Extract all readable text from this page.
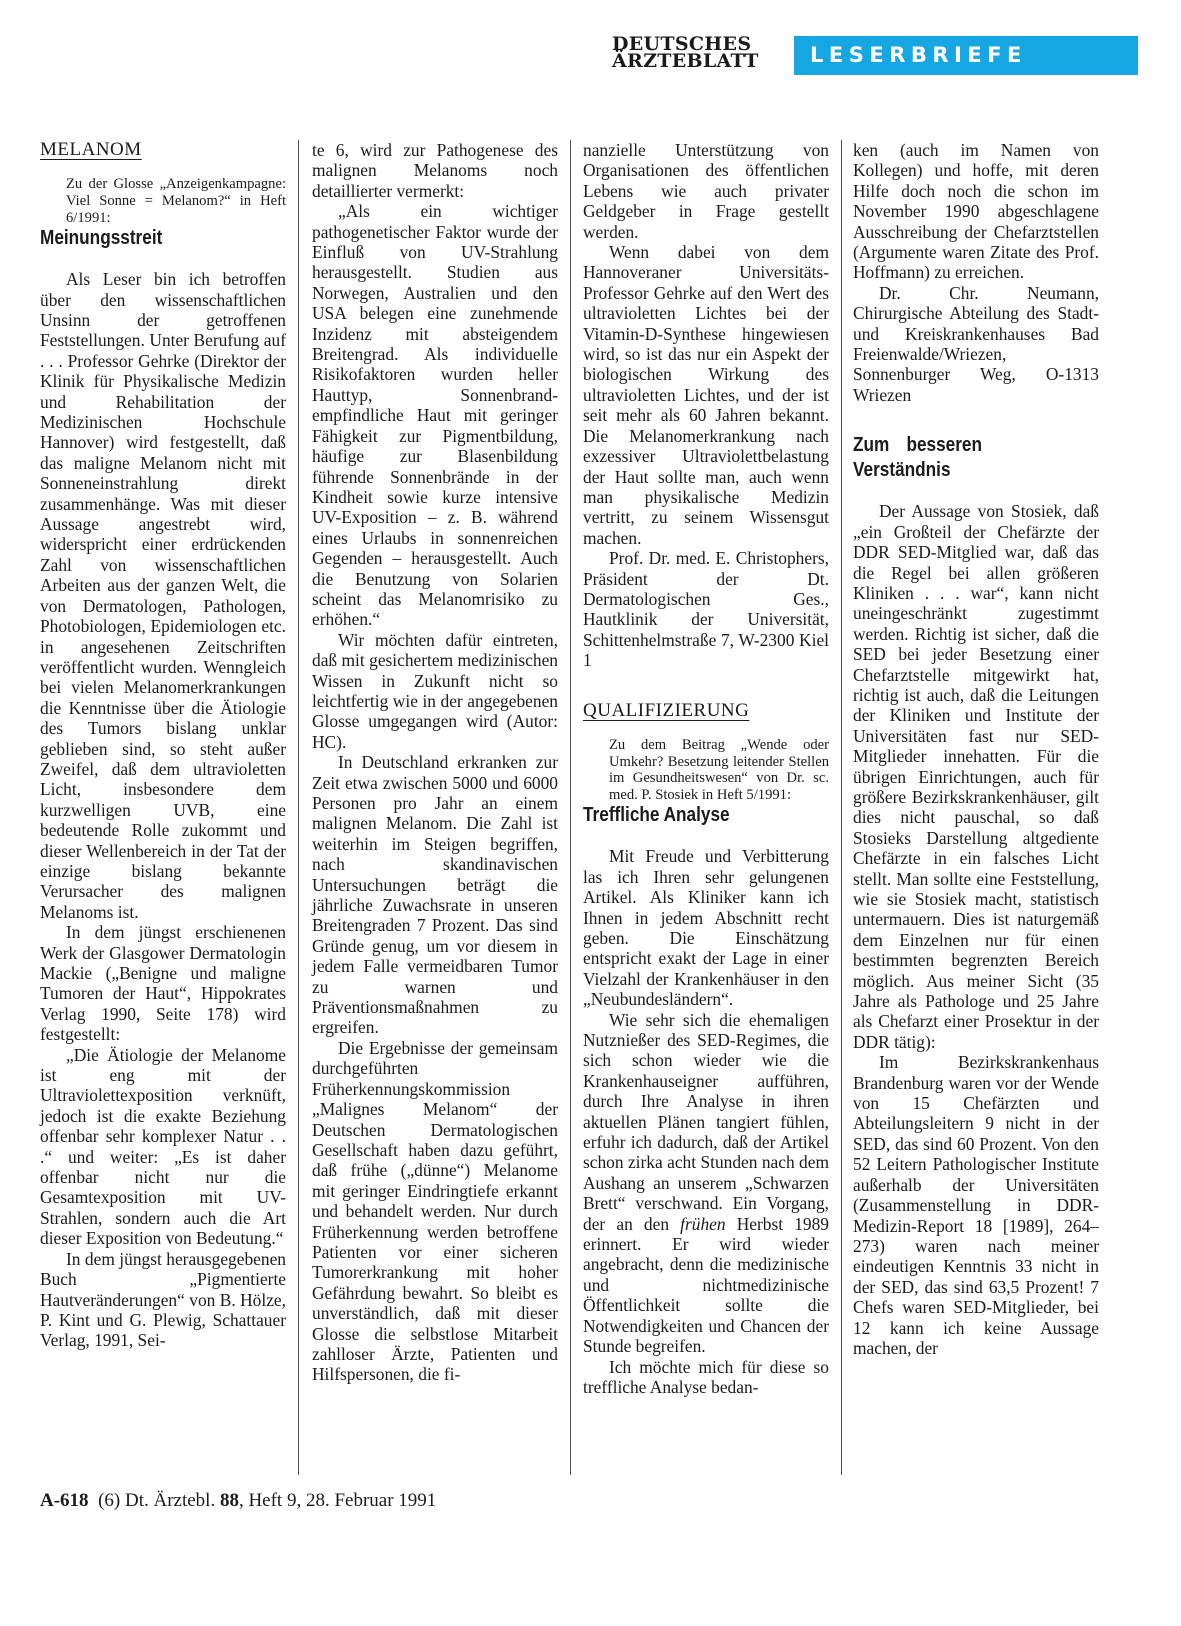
DEUTSCHES
ÄRZTEBLATT	LESERBRIEFE
MELANOM

Zu der Glosse „Anzeigenkampagne: Viel Sonne = Melanom?“ in Heft 6/1991:

Meinungsstreit

Als Leser bin ich betroffen über den wissenschaftlichen Unsinn der getroffenen Feststellungen. Unter Berufung auf . . . Professor Gehrke (Direktor der Klinik für Physikalische Medizin und Rehabilitation der Medizinischen Hochschule Hannover) wird festgestellt, daß das maligne Melanom nicht mit Sonneneinstrahlung direkt zusammenhänge. Was mit dieser Aussage angestrebt wird, widerspricht einer erdrückenden Zahl von wissenschaftlichen Arbeiten aus der ganzen Welt, die von Dermatologen, Pathologen, Photobiologen, Epidemiologen etc. in angesehenen Zeitschriften veröffentlicht wurden. Wenngleich bei vielen Melanomerkrankungen die Kenntnisse über die Ätiologie des Tumors bislang unklar geblieben sind, so steht außer Zweifel, daß dem ultravioletten Licht, insbesondere dem kurzwelligen UVB, eine bedeutende Rolle zukommt und dieser Wellenbereich in der Tat der einzige bislang bekannte Verursacher des malignen Melanoms ist.

In dem jüngst erschienenen Werk der Glasgower Dermatologin Mackie („Benigne und maligne Tumoren der Haut“, Hippokrates Verlag 1990, Seite 178) wird festgestellt:

„Die Ätiologie der Melanome ist eng mit der Ultraviolettexposition verknüft, jedoch ist die exakte Beziehung offenbar sehr komplexer Natur . . .“ und weiter: „Es ist daher offenbar nicht nur die Gesamtexposition mit UV-Strahlen, sondern auch die Art dieser Exposition von Bedeutung.“

In dem jüngst herausgegebenen Buch „Pigmentierte Hautveränderungen“ von B. Hölze, P. Kint und G. Plewig, Schattauer Verlag, 1991, Sei-

te 6, wird zur Pathogenese des malignen Melanoms noch detaillierter vermerkt:

„Als ein wichtiger pathogenetischer Faktor wurde der Einfluß von UV-Strahlung herausgestellt. Studien aus Norwegen, Australien und den USA belegen eine zunehmende Inzidenz mit absteigendem Breitengrad. Als individuelle Risikofaktoren wurden heller Hauttyp, Sonnenbrand-empfindliche Haut mit geringer Fähigkeit zur Pigmentbildung, häufige zur Blasenbildung führende Sonnenbrände in der Kindheit sowie kurze intensive UV-Exposition – z. B. während eines Urlaubs in sonnenreichen Gegenden – herausgestellt. Auch die Benutzung von Solarien scheint das Melanomrisiko zu erhöhen.“

Wir möchten dafür eintreten, daß mit gesichertem medizinischen Wissen in Zukunft nicht so leichtfertig wie in der angegebenen Glosse umgegangen wird (Autor: HC).

In Deutschland erkranken zur Zeit etwa zwischen 5000 und 6000 Personen pro Jahr an einem malignen Melanom. Die Zahl ist weiterhin im Steigen begriffen, nach skandinavischen Untersuchungen beträgt die jährliche Zuwachsrate in unseren Breitengraden 7 Prozent. Das sind Gründe genug, um vor diesem in jedem Falle vermeidbaren Tumor zu warnen und Präventionsmaßnahmen zu ergreifen.

Die Ergebnisse der gemeinsam durchgeführten Früherkennungskommission „Malignes Melanom“ der Deutschen Dermatologischen Gesellschaft haben dazu geführt, daß frühe („dünne“) Melanome mit geringer Eindringtiefe erkannt und behandelt werden. Nur durch Früherkennung werden betroffene Patienten vor einer sicheren Tumorerkrankung mit hoher Gefährdung bewahrt. So bleibt es unverständlich, daß mit dieser Glosse die selbstlose Mitarbeit zahlloser Ärzte, Patienten und Hilfspersonen, die fi-

nanzielle Unterstützung von Organisationen des öffentlichen Lebens wie auch privater Geldgeber in Frage gestellt werden.

Wenn dabei von dem Hannoveraner Universitäts-Professor Gehrke auf den Wert des ultravioletten Lichtes bei der Vitamin-D-Synthese hingewiesen wird, so ist das nur ein Aspekt der biologischen Wirkung des ultravioletten Lichtes, und der ist seit mehr als 60 Jahren bekannt. Die Melanomerkrankung nach exzessiver Ultraviolettbelastung der Haut sollte man, auch wenn man physikalische Medizin vertritt, zu seinem Wissensgut machen.

Prof. Dr. med. E. Christophers, Präsident der Dt. Dermatologischen Ges., Hautklinik der Universität, Schittenhelmstraße 7, W-2300 Kiel 1

QUALIFIZIERUNG

Zu dem Beitrag „Wende oder Umkehr? Besetzung leitender Stellen im Gesundheitswesen“ von Dr. sc. med. P. Stosiek in Heft 5/1991:

Treffliche Analyse

Mit Freude und Verbitterung las ich Ihren sehr gelungenen Artikel. Als Kliniker kann ich Ihnen in jedem Abschnitt recht geben. Die Einschätzung entspricht exakt der Lage in einer Vielzahl der Krankenhäuser in den „Neubundesländern“.

Wie sehr sich die ehemaligen Nutznießer des SED-Regimes, die sich schon wieder wie die Krankenhauseigner aufführen, durch Ihre Analyse in ihren aktuellen Plänen tangiert fühlen, erfuhr ich dadurch, daß der Artikel schon zirka acht Stunden nach dem Aushang an unserem „Schwarzen Brett“ verschwand. Ein Vorgang, der an den frühen Herbst 1989 erinnert. Er wird wieder angebracht, denn die medizinische und nichtmedizinische Öffentlichkeit sollte die Notwendigkeiten und Chancen der Stunde begreifen.

Ich möchte mich für diese so treffliche Analyse bedan-

ken (auch im Namen von Kollegen) und hoffe, mit deren Hilfe doch noch die schon im November 1990 abgeschlagene Ausschreibung der Chefarztstellen (Argumente waren Zitate des Prof. Hoffmann) zu erreichen.

Dr. Chr. Neumann, Chirurgische Abteilung des Stadt- und Kreiskrankenhauses Bad Freienwalde/Wriezen, Sonnenburger Weg, O-1313 Wriezen

Zum besseren Verständnis

Der Aussage von Stosiek, daß „ein Großteil der Chefärzte der DDR SED-Mitglied war, daß das die Regel bei allen größeren Kliniken . . . war“, kann nicht uneingeschränkt zugestimmt werden. Richtig ist sicher, daß die SED bei jeder Besetzung einer Chefarztstelle mitgewirkt hat, richtig ist auch, daß die Leitungen der Kliniken und Institute der Universitäten fast nur SED-Mitglieder innehatten. Für die übrigen Einrichtungen, auch für größere Bezirkskrankenhäuser, gilt dies nicht pauschal, so daß Stosieks Darstellung altgediente Chefärzte in ein falsches Licht stellt. Man sollte eine Feststellung, wie sie Stosiek macht, statistisch untermauern. Dies ist naturgemäß dem Einzelnen nur für einen bestimmten begrenzten Bereich möglich. Aus meiner Sicht (35 Jahre als Pathologe und 25 Jahre als Chefarzt einer Prosektur in der DDR tätig):

Im Bezirkskrankenhaus Brandenburg waren vor der Wende von 15 Chefärzten und Abteilungsleitern 9 nicht in der SED, das sind 60 Prozent. Von den 52 Leitern Pathologischer Institute außerhalb der Universitäten (Zusammenstellung in DDR-Medizin-Report 18 [1989], 264–273) waren nach meiner eindeutigen Kenntnis 33 nicht in der SED, das sind 63,5 Prozent! 7 Chefs waren SED-Mitglieder, bei 12 kann ich keine Aussage machen, der

A-618 (6) Dt. Ärztebl. 88, Heft 9, 28. Februar 1991
